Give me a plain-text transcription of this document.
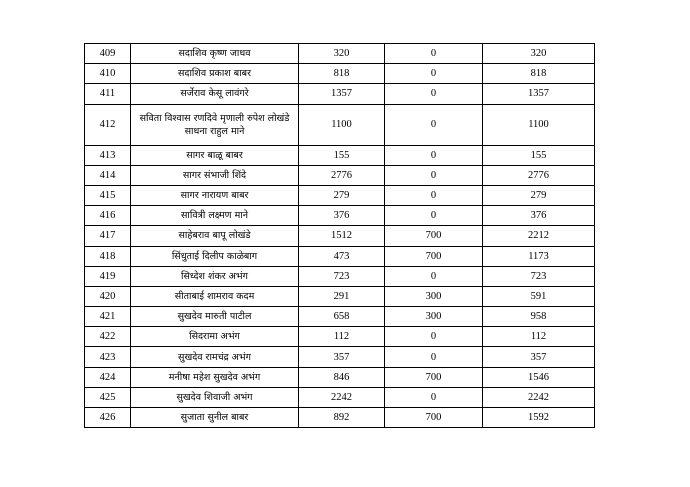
409	सदाशिव कृष्ण जाधव	320	0	320
410	सदाशिव प्रकाश बाबर	818	0	818
411	सर्जेराव केसू लावंगरे	1357	0	1357
412	सविता विश्वास रणदिवे मृणाली रुपेश लोखंडे साधना राहुल माने	1100	0	1100
413	सागर बाळू बाबर	155	0	155
414	सागर संभाजी शिंदे	2776	0	2776
415	सागर नारायण बाबर	279	0	279
416	सावित्री लक्ष्मण माने	376	0	376
417	साहेबराव बापू लोखंडे	1512	700	2212
418	सिंधुताई दिलीप काळेबाग	473	700	1173
419	सिध्देश शंकर अभंग	723	0	723
420	सीताबाई शामराव कदम	291	300	591
421	सुखदेव मारुती पाटील	658	300	958
422	सिदरामा अभंग	112	0	112
423	सुखदेव रामचंद्र अभंग	357	0	357
424	मनीषा महेश सुखदेव अभंग	846	700	1546
425	सुखदेव शिवाजी अभंग	2242	0	2242
426	सुजाता सुनील बाबर	892	700	1592
